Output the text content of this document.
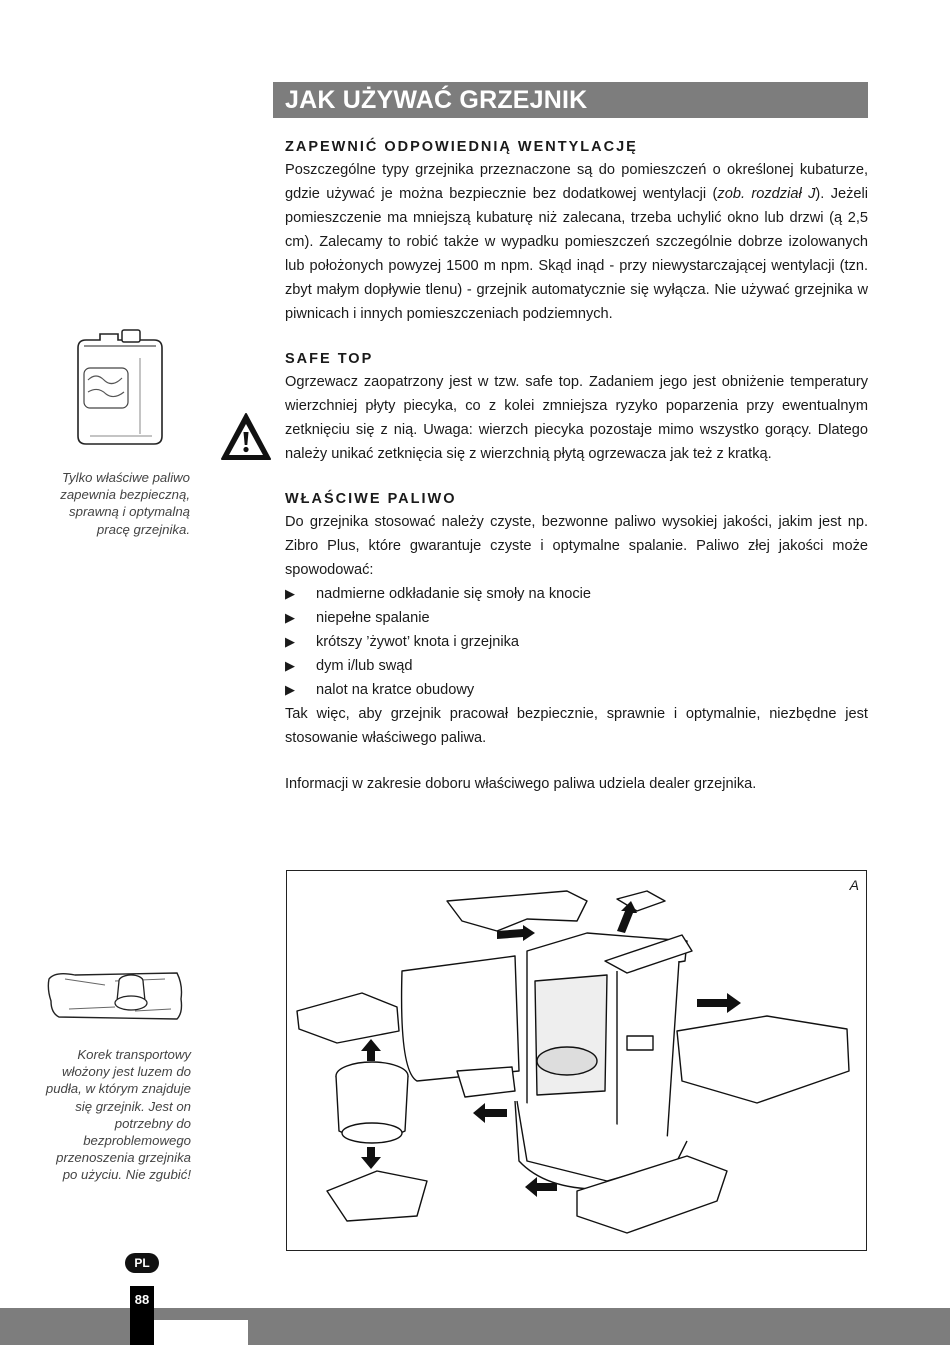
JAK UŻYWAĆ GRZEJNIK
Tylko właściwe paliwo zapewnia bezpieczną, sprawną i optymalną pracę grzejnika.
Korek transportowy włożony jest luzem do pudła, w którym znajduje się grzejnik. Jest on potrzebny do bezproblemowego przenoszenia grzejnika po użyciu. Nie zgubić!
ZAPEWNIĆ ODPOWIEDNIĄ WENTYLACJĘ

Poszczególne typy grzejnika przeznaczone są do pomieszczeń o określonej kubaturze, gdzie używać je można bezpiecznie bez dodatkowej wentylacji (zob. rozdział J). Jeżeli pomieszczenie ma mniejszą kubaturę niż zalecana, trzeba uchylić okno lub drzwi (ą 2,5 cm). Zalecamy to robić także w wypadku pomieszczeń szczególnie dobrze izolowanych lub położonych powyzej 1500 m npm. Skąd inąd - przy niewystarczającej wentylacji (tzn. zbyt małym dopływie tlenu) - grzejnik automatycznie się wyłącza. Nie używać grzejnika w piwnicach i innych pomieszczeniach podziemnych.

SAFE TOP

Ogrzewacz zaopatrzony jest w tzw. safe top. Zadaniem jego jest obniżenie temperatury wierzchniej płyty piecyka, co z kolei zmniejsza ryzyko poparzenia przy ewentualnym zetknięciu się z nią. Uwaga: wierzch piecyka pozostaje mimo wszystko gorący. Dlatego należy unikać zetknięcia się z wierzchnią płytą ogrzewacza jak też z kratką.

WŁAŚCIWE PALIWO

Do grzejnika stosować należy czyste, bezwonne paliwo wysokiej jakości, jakim jest np. Zibro Plus, które gwarantuje czyste i optymalne spalanie. Paliwo złej jakości może spowodować:

▶ nadmierne odkładanie się smoły na knocie
▶ niepełne spalanie
▶ krótszy ’żywot’ knota i grzejnika
▶ dym i/lub swąd
▶ nalot na kratce obudowy

Tak więc, aby grzejnik pracował bezpiecznie, sprawnie i optymalnie, niezbędne jest stosowanie właściwego paliwa.

Informacji w zakresie doboru właściwego paliwa udziela dealer grzejnika.

A
PL
88
